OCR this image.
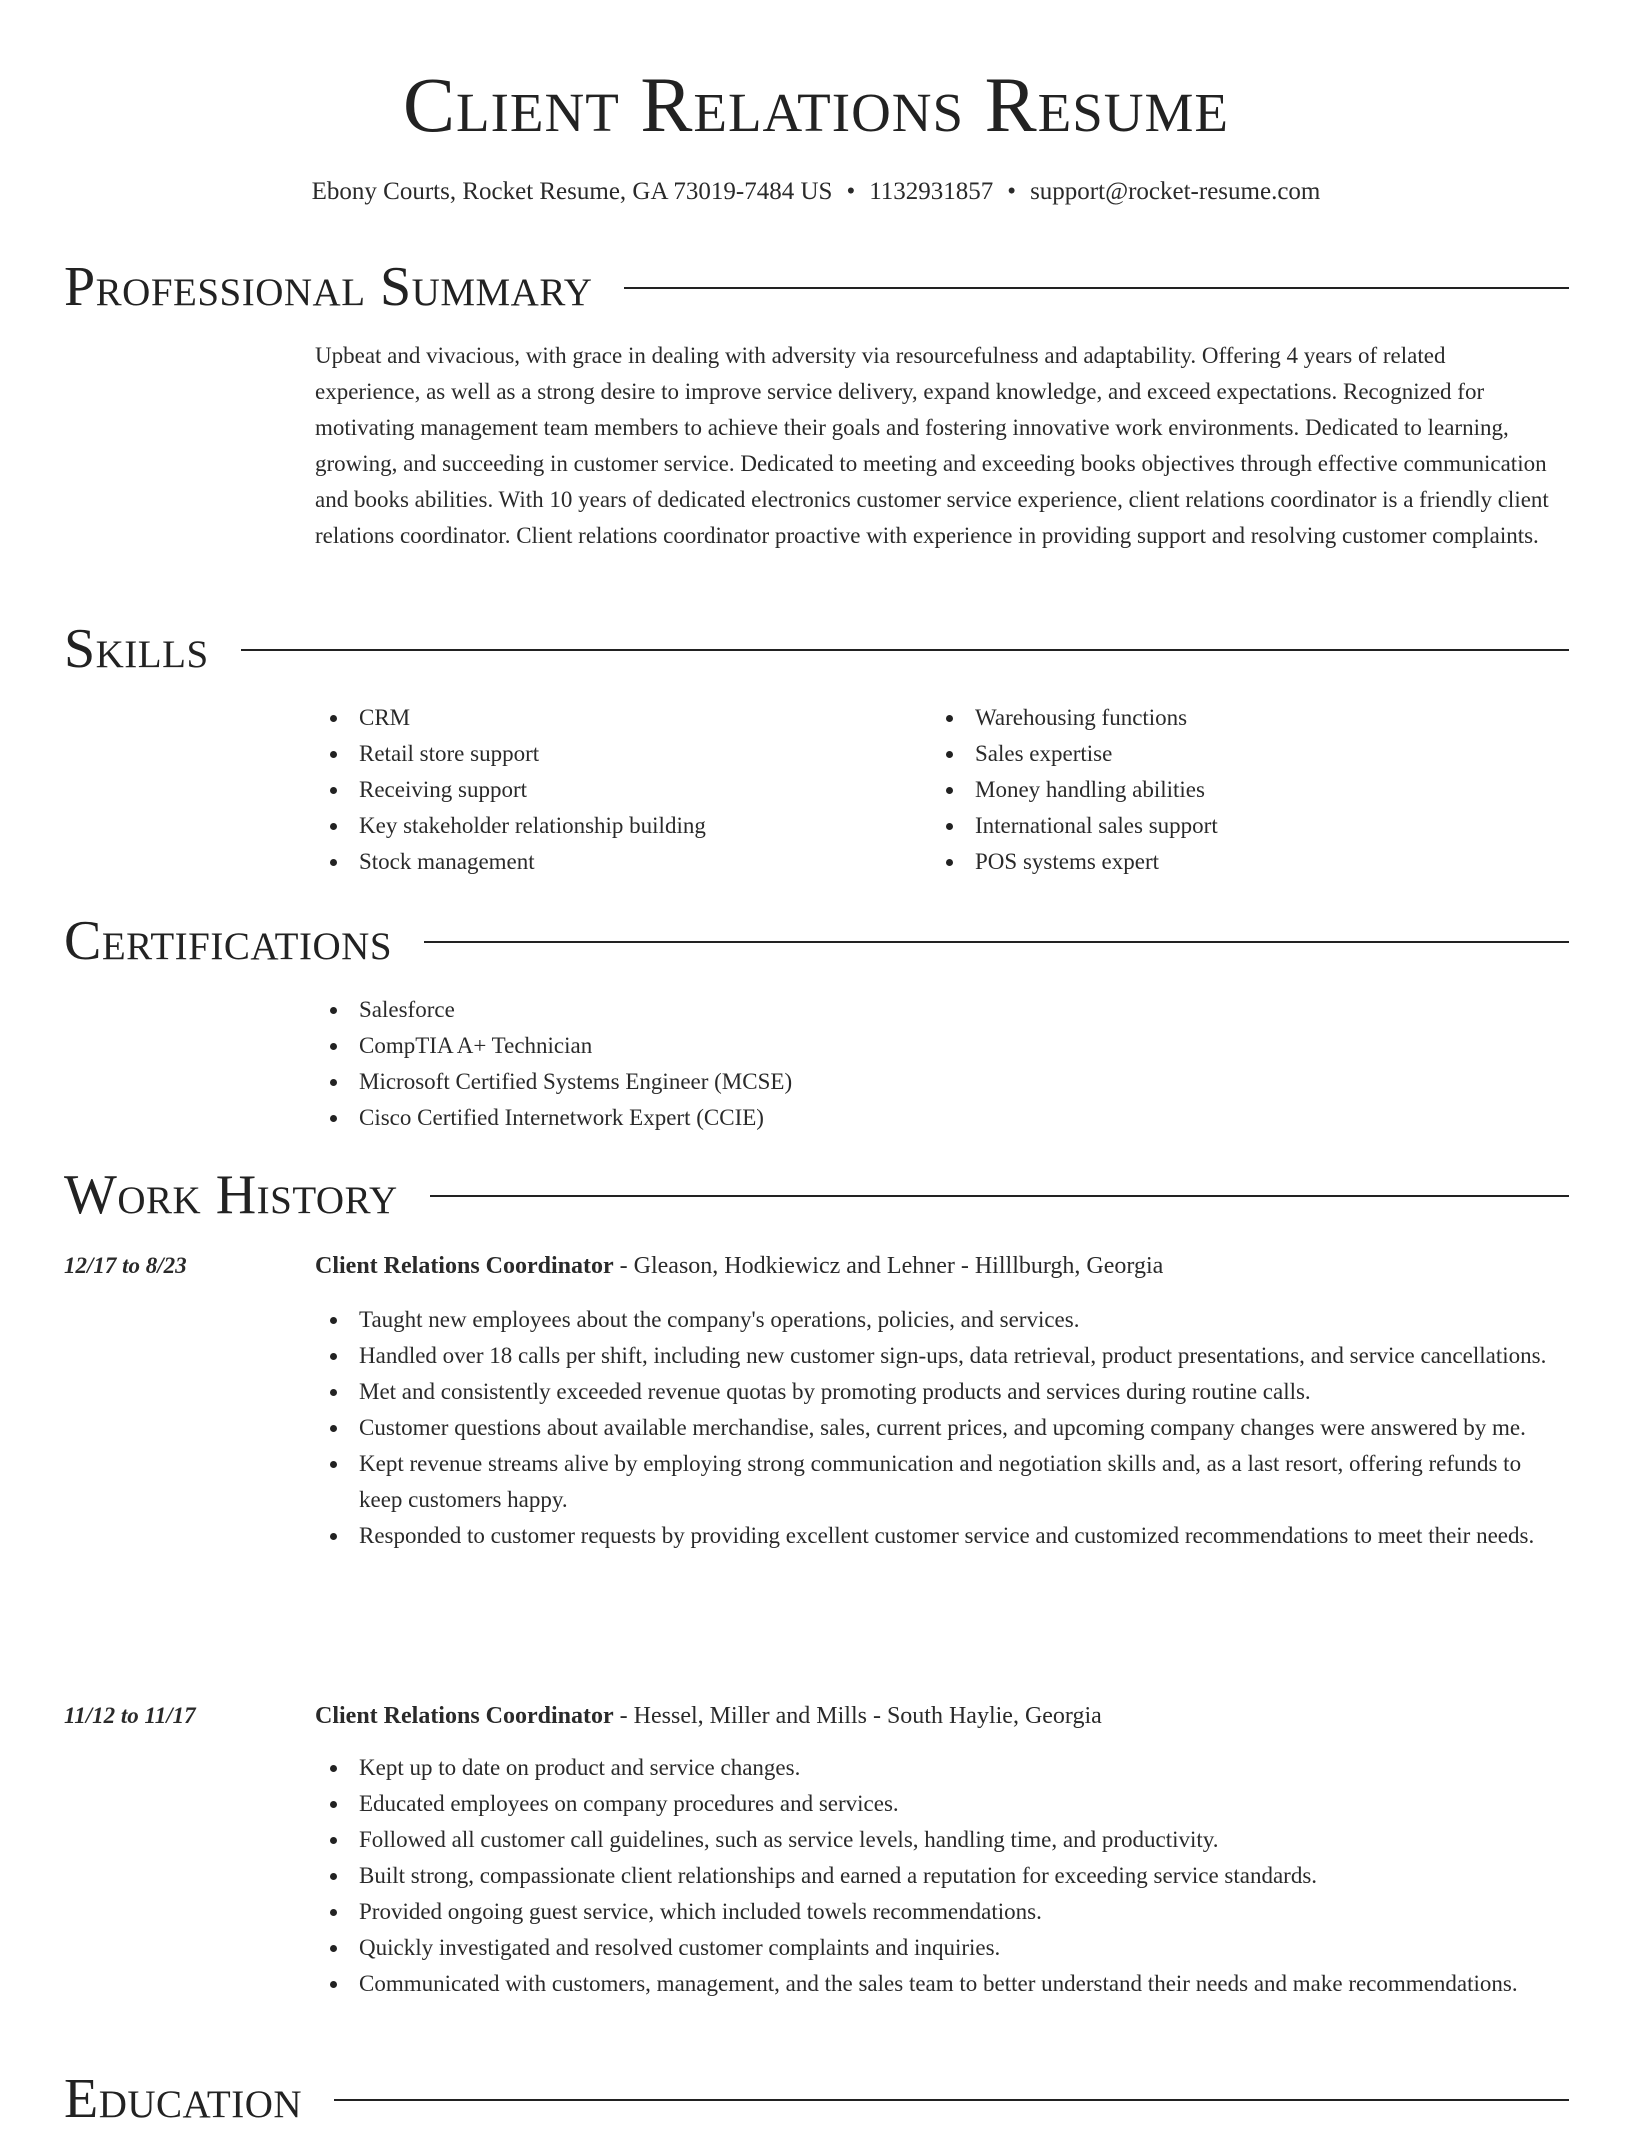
Client Relations Resume
Ebony Courts, Rocket Resume, GA 73019-7484 US • 1132931857 • support@rocket-resume.com
Professional Summary

Upbeat and vivacious, with grace in dealing with adversity via resourcefulness and adaptability. Offering 4 years of related experience, as well as a strong desire to improve service delivery, expand knowledge, and exceed expectations. Recognized for motivating management team members to achieve their goals and fostering innovative work environments. Dedicated to learning, growing, and succeeding in customer service. Dedicated to meeting and exceeding books objectives through effective communication and books abilities. With 10 years of dedicated electronics customer service experience, client relations coordinator is a friendly client relations coordinator. Client relations coordinator proactive with experience in providing support and resolving customer complaints.

Skills
CRM
Retail store support
Receiving support
Key stakeholder relationship building
Stock management
Warehousing functions
Sales expertise
Money handling abilities
International sales support
POS systems expert
Certifications
Salesforce
CompTIA A+ Technician
Microsoft Certified Systems Engineer (MCSE)
Cisco Certified Internetwork Expert (CCIE)
Work History
12/17 to 8/23	Client Relations Coordinator - Gleason, Hodkiewicz and Lehner - Hilllburgh, Georgia
Taught new employees about the company's operations, policies, and services.
Handled over 18 calls per shift, including new customer sign-ups, data retrieval, product presentations, and service cancellations.
Met and consistently exceeded revenue quotas by promoting products and services during routine calls.
Customer questions about available merchandise, sales, current prices, and upcoming company changes were answered by me.
Kept revenue streams alive by employing strong communication and negotiation skills and, as a last resort, offering refunds to keep customers happy.
Responded to customer requests by providing excellent customer service and customized recommendations to meet their needs.
11/12 to 11/17	Client Relations Coordinator - Hessel, Miller and Mills - South Haylie, Georgia
Kept up to date on product and service changes.
Educated employees on company procedures and services.
Followed all customer call guidelines, such as service levels, handling time, and productivity.
Built strong, compassionate client relationships and earned a reputation for exceeding service standards.
Provided ongoing guest service, which included towels recommendations.
Quickly investigated and resolved customer complaints and inquiries.
Communicated with customers, management, and the sales team to better understand their needs and make recommendations.
Education
